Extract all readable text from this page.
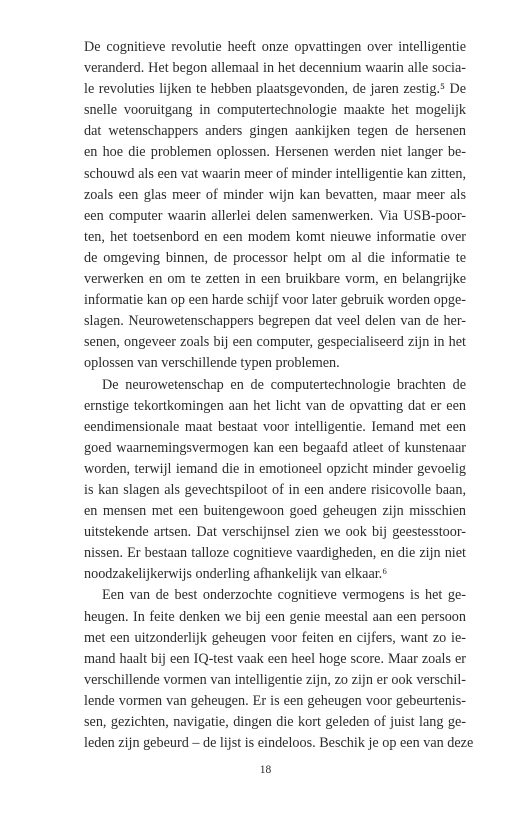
De cognitieve revolutie heeft onze opvattingen over intelligentie
veranderd. Het begon allemaal in het decennium waarin alle socia-
le revoluties lijken te hebben plaatsgevonden, de jaren zestig.⁵ De
snelle vooruitgang in computertechnologie maakte het mogelijk
dat wetenschappers anders gingen aankijken tegen de hersenen
en hoe die problemen oplossen. Hersenen werden niet langer be-
schouwd als een vat waarin meer of minder intelligentie kan zitten,
zoals een glas meer of minder wijn kan bevatten, maar meer als
een computer waarin allerlei delen samenwerken. Via USB-poor-
ten, het toetsenbord en een modem komt nieuwe informatie over
de omgeving binnen, de processor helpt om al die informatie te
verwerken en om te zetten in een bruikbare vorm, en belangrijke
informatie kan op een harde schijf voor later gebruik worden opge-
slagen. Neurowetenschappers begrepen dat veel delen van de her-
senen, ongeveer zoals bij een computer, gespecialiseerd zijn in het
oplossen van verschillende typen problemen.
De neurowetenschap en de computertechnologie brachten de
ernstige tekortkomingen aan het licht van de opvatting dat er een
eendimensionale maat bestaat voor intelligentie. Iemand met een
goed waarnemingsvermogen kan een begaafd atleet of kunstenaar
worden, terwijl iemand die in emotioneel opzicht minder gevoelig
is kan slagen als gevechtspiloot of in een andere risicovolle baan,
en mensen met een buitengewoon goed geheugen zijn misschien
uitstekende artsen. Dat verschijnsel zien we ook bij geestesstoor-
nissen. Er bestaan talloze cognitieve vaardigheden, en die zijn niet
noodzakelijkerwijs onderling afhankelijk van elkaar.⁶
Een van de best onderzochte cognitieve vermogens is het ge-
heugen. In feite denken we bij een genie meestal aan een persoon
met een uitzonderlijk geheugen voor feiten en cijfers, want zo ie-
mand haalt bij een IQ-test vaak een heel hoge score. Maar zoals er
verschillende vormen van intelligentie zijn, zo zijn er ook verschil-
lende vormen van geheugen. Er is een geheugen voor gebeurtenis-
sen, gezichten, navigatie, dingen die kort geleden of juist lang ge-
leden zijn gebeurd – de lijst is eindeloos. Beschik je op een van deze
18
